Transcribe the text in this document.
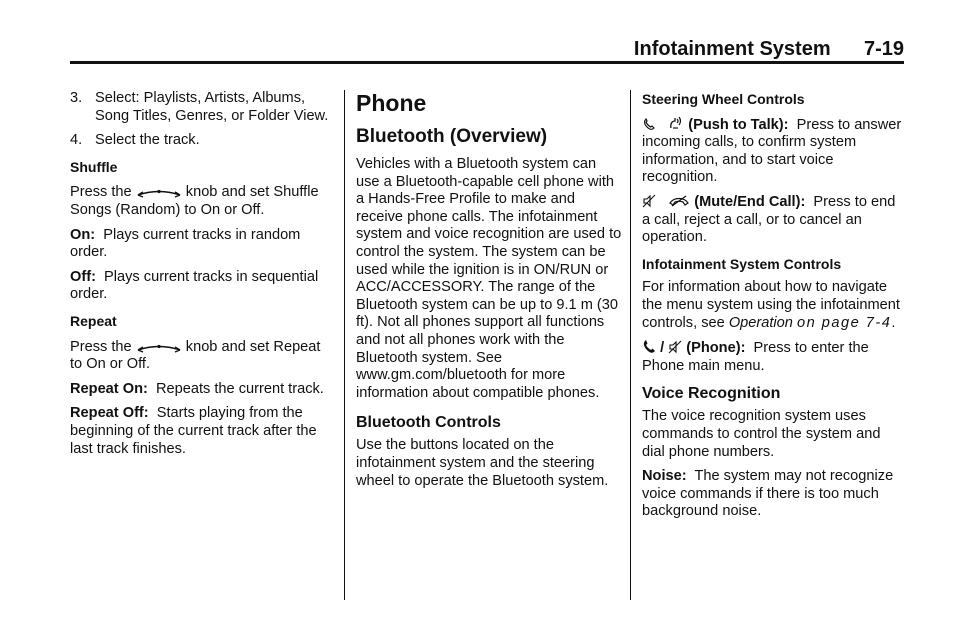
Infotainment System 7-19
3. Select: Playlists, Artists, Albums, Song Titles, Genres, or Folder View.
4. Select the track.
Shuffle

Press the	knob and set Shuffle Songs (Random) to On or Off.

On: Plays current tracks in random order.

Off: Plays current tracks in sequential order.

Repeat

Press the	knob and set Repeat to On or Off.

Repeat On: Repeats the current track.

Repeat Off: Starts playing from the beginning of the current track after the last track finishes.

Phone
Bluetooth (Overview)

Vehicles with a Bluetooth system can use a Bluetooth-capable cell phone with a Hands-Free Profile to make and receive phone calls. The infotainment system and voice recognition are used to control the system. The system can be used while the ignition is in ON/RUN or ACC/ACCESSORY. The range of the Bluetooth system can be up to 9.1 m (30 ft). Not all phones support all functions and not all phones work with the Bluetooth system. See www.gm.com/bluetooth for more information about compatible phones.

Bluetooth Controls

Use the buttons located on the infotainment system and the steering wheel to operate the Bluetooth system.

Steering Wheel Controls

(Push to Talk): Press to answer incoming calls, to confirm system information, and to start voice recognition.

(Mute/End Call): Press to end a call, reject a call, or to cancel an operation.

Infotainment System Controls

For information about how to navigate the menu system using the infotainment controls, see Operation on page 7-4.

/ (Phone): Press to enter the Phone main menu.

Voice Recognition

The voice recognition system uses commands to control the system and dial phone numbers.

Noise: The system may not recognize voice commands if there is too much background noise.
